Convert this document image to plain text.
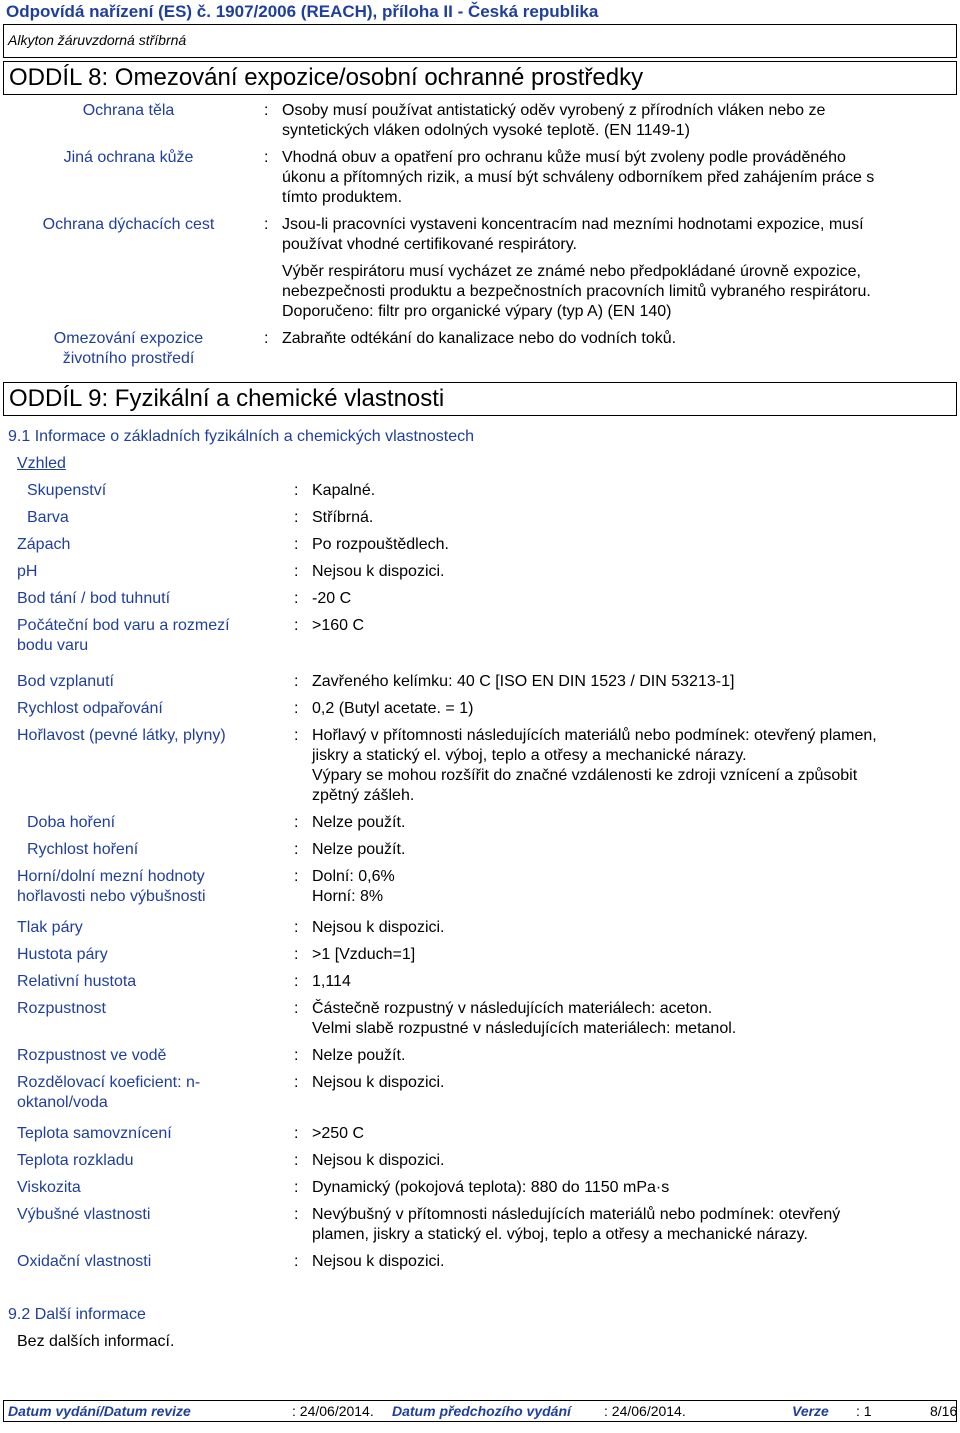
Odpovídá nařízení (ES) č. 1907/2006 (REACH), příloha II - Česká republika
Alkyton žáruvzdorná stříbrná
ODDÍL 8: Omezování expozice/osobní ochranné prostředky
Ochrana těla	: Osoby musí používat antistatický oděv vyrobený z přírodních vláken nebo ze
syntetických vláken odolných vysoké teplotě. (EN 1149-1)
Jiná ochrana kůže	: Vhodná obuv a opatření pro ochranu kůže musí být zvoleny podle prováděného
úkonu a přítomných rizik, a musí být schváleny odborníkem před zahájením práce s
tímto produktem.
Ochrana dýchacích cest	: Jsou-li pracovníci vystaveni koncentracím nad mezními hodnotami expozice, musí
používat vhodné certifikované respirátory.
Výběr respirátoru musí vycházet ze známé nebo předpokládané úrovně expozice,
nebezpečnosti produktu a bezpečnostních pracovních limitů vybraného respirátoru.
Doporučeno: filtr pro organické výpary (typ A) (EN 140)
Omezování expozice
životního prostředí
: Zabraňte odtékání do kanalizace nebo do vodních toků.
ODDÍL 9: Fyzikální a chemické vlastnosti
9.1 Informace o základních fyzikálních a chemických vlastnostech
Vzhled
Skupenství	: Kapalné.
Barva	: Stříbrná.
Zápach	: Po rozpouštědlech.
pH	: Nejsou k dispozici.
Bod tání / bod tuhnutí	: -20 C
Počáteční bod varu a rozmezí
bodu varu
: >160 C
Bod vzplanutí	: Zavřeného kelímku: 40 C [ISO EN DIN 1523 / DIN 53213-1]
Rychlost odpařování	: 0,2 (Butyl acetate. = 1)
Hořlavost (pevné látky, plyny)	: Hořlavý v přítomnosti následujících materiálů nebo podmínek: otevřený plamen,
jiskry a statický el. výboj, teplo a otřesy a mechanické nárazy.
Výpary se mohou rozšířit do značné vzdálenosti ke zdroji vznícení a způsobit
zpětný zášleh.
Doba hoření	: Nelze použít.
Rychlost hoření	: Nelze použít.
Horní/dolní mezní hodnoty
hořlavosti nebo výbušnosti
: Dolní: 0,6%
Horní: 8%
Tlak páry	: Nejsou k dispozici.
Hustota páry	: >1 [Vzduch=1]
Relativní hustota	: 1,114
Rozpustnost	: Částečně rozpustný v následujících materiálech: aceton.
Velmi slabě rozpustné v následujících materiálech: metanol.
Rozpustnost ve vodě	: Nelze použít.
Rozdělovací koeficient: n-
oktanol/voda
: Nejsou k dispozici.
Teplota samovznícení	: >250 C
Teplota rozkladu	: Nejsou k dispozici.
Viskozita	: Dynamický (pokojová teplota): 880 do 1150 mPa·s
Výbušné vlastnosti	: Nevýbušný v přítomnosti následujících materiálů nebo podmínek: otevřený
plamen, jiskry a statický el. výboj, teplo a otřesy a mechanické nárazy.
Oxidační vlastnosti	: Nejsou k dispozici.
9.2 Další informace
Bez dalších informací.
Datum vydání/Datum revize	: 24/06/2014. Datum předchozího vydání : 24/06/2014.	Verze : 1	8/16
